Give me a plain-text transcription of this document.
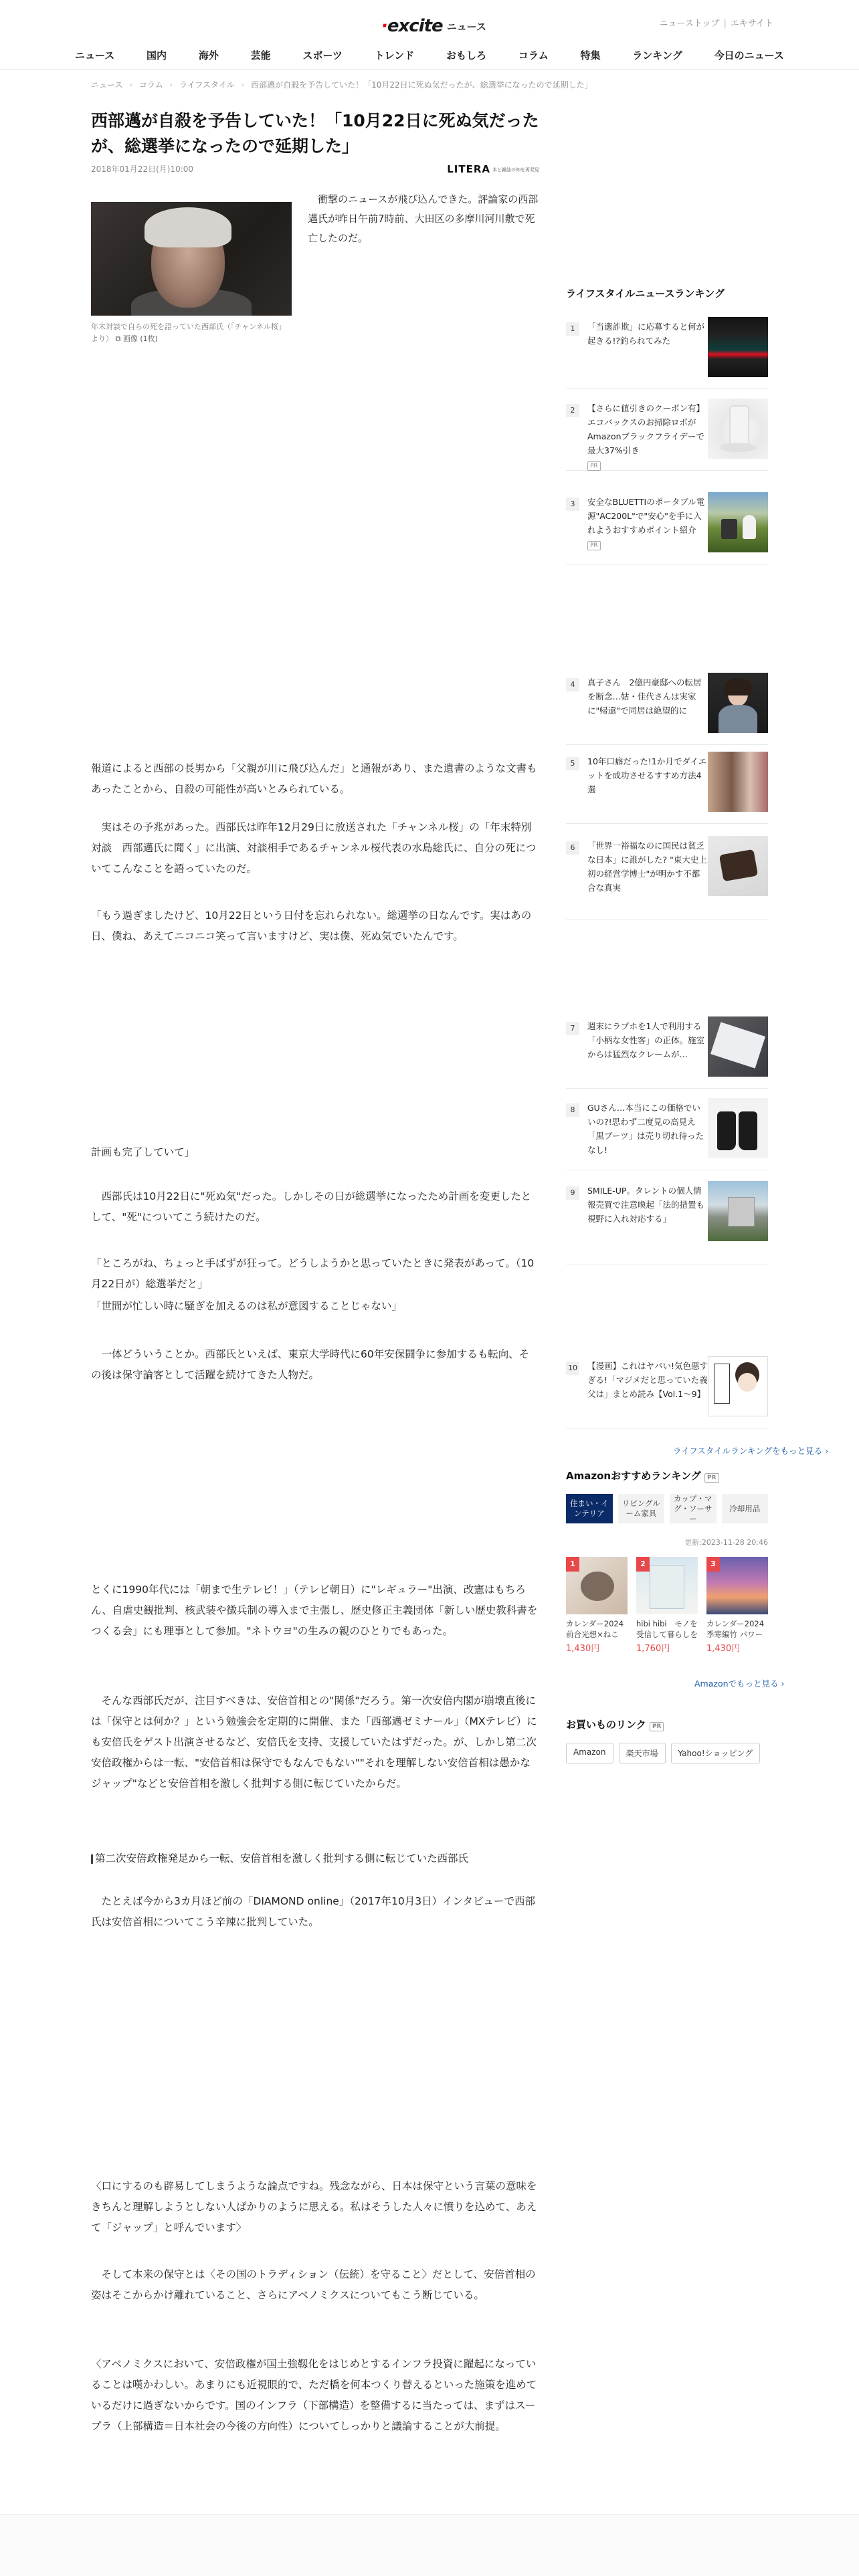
·excite ニュース	ニューストップ | エキサイト
ニュース	国内	海外	芸能	スポーツ	トレンド	おもしろ	コラム	特集	ランキング	今日のニュース
ニュース › コラム › ライフスタイル › 西部邁が自殺を予告していた！「10月22日に死ぬ気だったが、総選挙になったので延期した」
西部邁が自殺を予告していた！「10月22日に死ぬ気だったが、総選挙になったので延期した」
2018年01月22日(月)10:00	LITERA 本と雑誌の知を再発見
年末対談で自らの死を語っていた西部氏（「チャンネル桜」より） ⧉ 画像 (1枚)

　衝撃のニュースが飛び込んできた。評論家の西部邁氏が昨日午前7時前、大田区の多摩川河川敷で死亡したのだ。

報道によると西部の長男から「父親が川に飛び込んだ」と通報があり、また遺書のような文書もあったことから、自殺の可能性が高いとみられている。

　実はその予兆があった。西部氏は昨年12月29日に放送された「チャンネル桜」の「年末特別対談　西部邁氏に聞く」に出演、対談相手であるチャンネル桜代表の水島総氏に、自分の死についてこんなことを語っていたのだ。

「もう過ぎましたけど、10月22日という日付を忘れられない。総選挙の日なんです。実はあの日、僕ね、あえてニコニコ笑って言いますけど、実は僕、死ぬ気でいたんです。

計画も完了していて」

　西部氏は10月22日に"死ぬ気"だった。しかしその日が総選挙になったため計画を変更したとして、"死"についてこう続けたのだ。

「ところがね、ちょっと手ばずが狂って。どうしようかと思っていたときに発表があって。（10月22日が）総選挙だと」

「世間が忙しい時に騒ぎを加えるのは私が意図することじゃない」

　一体どういうことか。西部氏といえば、東京大学時代に60年安保闘争に参加するも転向、その後は保守論客として活躍を続けてきた人物だ。

とくに1990年代には「朝まで生テレビ！」（テレビ朝日）に"レギュラー"出演、改憲はもちろん、自虐史観批判、核武装や徴兵制の導入まで主張し、歴史修正主義団体「新しい歴史教科書をつくる会」にも理事として参加。"ネトウヨ"の生みの親のひとりでもあった。

　そんな西部氏だが、注目すべきは、安倍首相との"関係"だろう。第一次安倍内閣が崩壊直後には「保守とは何か？」という勉強会を定期的に開催、また「西部邁ゼミナール」（MXテレビ）にも安倍氏をゲスト出演させるなど、安倍氏を支持、支援していたはずだった。が、しかし第二次安倍政権からは一転、"安倍首相は保守でもなんでもない""それを理解しない安倍首相は愚かなジャップ"などと安倍首相を激しく批判する側に転じていたからだ。

第二次安倍政権発足から一転、安倍首相を激しく批判する側に転じていた西部氏

　たとえば今から3カ月ほど前の「DIAMOND online」（2017年10月3日）インタビューで西部氏は安倍首相についてこう辛辣に批判していた。

〈口にするのも辟易してしまうような論点ですね。残念ながら、日本は保守という言葉の意味をきちんと理解しようとしない人ばかりのように思える。私はそうした人々に憤りを込めて、あえて「ジャップ」と呼んでいます〉

　そして本来の保守とは〈その国のトラディション（伝統）を守ること〉だとして、安倍首相の姿はそこからかけ離れていること、さらにアベノミクスについてもこう断じている。

〈アベノミクスにおいて、安倍政権が国土強靱化をはじめとするインフラ投資に躍起になっていることは嘆かわしい。あまりにも近視眼的で、ただ橋を何本つくり替えるといった施策を進めているだけに過ぎないからです。国のインフラ（下部構造）を整備するに当たっては、まずはスープラ（上部構造＝日本社会の今後の方向性）についてしっかりと議論することが大前提。

ライフスタイルニュースランキング
1	「当選詐欺」に応募すると何が起きる!?釣られてみた
2	【さらに値引きのクーポン有】エコバックスのお掃除ロボがAmazonブラックフライデーで最大37%引き
PR
3	安全なBLUETTIのポータブル電源"AC200L"で"安心"を手に入れようおすすめポイント紹介
PR
4	真子さん　2億円豪邸への転居を断念…姑・佳代さんは実家に"帰還"で同居は絶望的に
5	10年口癖だった!1か月でダイエットを成功させるすすめ方法4選
6	「世界一裕福なのに国民は貧乏な日本」に誰がした? "東大史上初の経営学博士"が明かす不都合な真実
7	週末にラブホを1人で利用する「小柄な女性客」の正体。施室からは猛烈なクレームが…
8	GUさん…本当にこの価格でいいの?!思わず二度見の高見え「黒ブーツ」は売り切れ待ったなし!
9	SMILE-UP。タレントの個人情報売買で注意喚起「法的措置も視野に入れ対応する」
10 【漫画】これはヤバい!気色悪すぎる!「マジメだと思っていた義父は」まとめ読み【Vol.1〜9】
ライフスタイルランキングをもっと見る ›
Amazonおすすめランキング PR
住まい・インテリア
リビングルーム家具
カップ・マグ・ソーサー
冷却用品
更新:2023-11-28 20:46
1
カレンダー2024 前合光想×ねこ
1,430円
2
hibi hibi　モノを受信して暮らしを
1,760円
3
カレンダー2024 季寒編竹 パワー
1,430円
Amazonでもっと見る ›
お買いものリンク PR
Amazon	楽天市場	Yahoo!ショッピング
